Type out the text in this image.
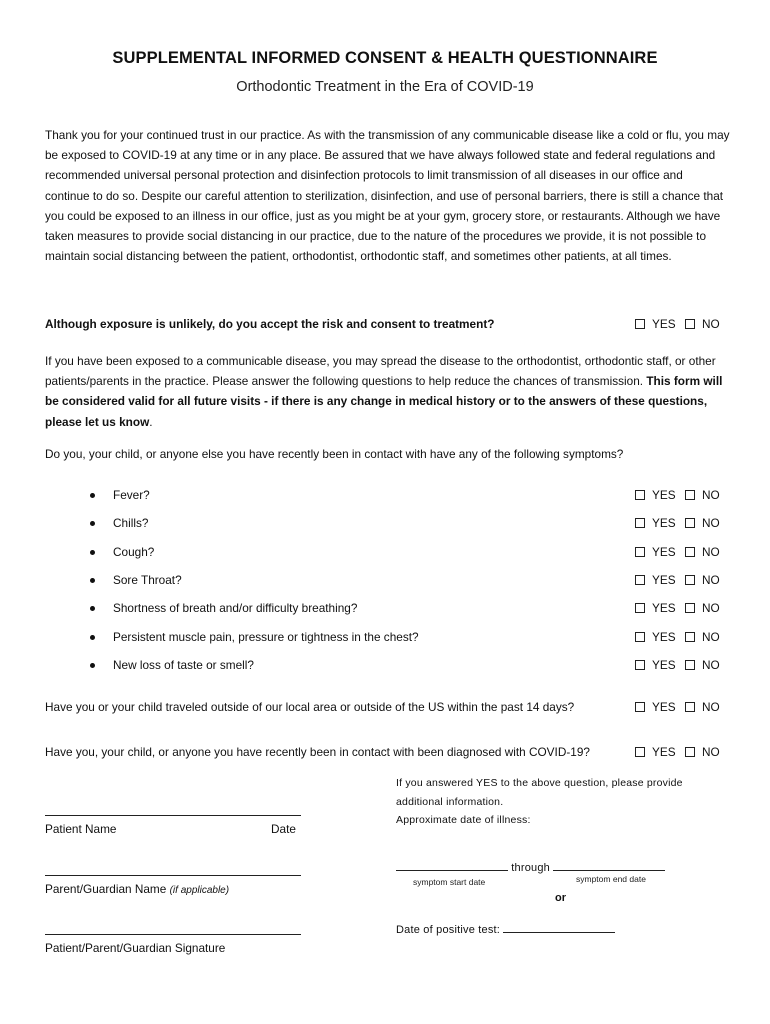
SUPPLEMENTAL INFORMED CONSENT & HEALTH QUESTIONNAIRE
Orthodontic Treatment in the Era of COVID-19
Thank you for your continued trust in our practice. As with the transmission of any communicable disease like a cold or flu, you may be exposed to COVID-19 at any time or in any place. Be assured that we have always followed state and federal regulations and recommended universal personal protection and disinfection protocols to limit transmission of all diseases in our office and continue to do so. Despite our careful attention to sterilization, disinfection, and use of personal barriers, there is still a chance that you could be exposed to an illness in our office, just as you might be at your gym, grocery store, or restaurants. Although we have taken measures to provide social distancing in our practice, due to the nature of the procedures we provide, it is not possible to maintain social distancing between the patient, orthodontist, orthodontic staff, and sometimes other patients, at all times.
Although exposure is unlikely, do you accept the risk and consent to treatment?	YES NO
If you have been exposed to a communicable disease, you may spread the disease to the orthodontist, orthodontic staff, or other patients/parents in the practice. Please answer the following questions to help reduce the chances of transmission. This form will be considered valid for all future visits - if there is any change in medical history or to the answers of these questions, please let us know.
Do you, your child, or anyone else you have recently been in contact with have any of the following symptoms?
Fever?	YES NO
Chills?	YES NO
Cough?	YES NO
Sore Throat?	YES NO
Shortness of breath and/or difficulty breathing?	YES NO
Persistent muscle pain, pressure or tightness in the chest?	YES NO
New loss of taste or smell?	YES NO
Have you or your child traveled outside of our local area or outside of the US within the past 14 days?	YES NO
Have you, your child, or anyone you have recently been in contact with been diagnosed with COVID-19?	YES NO
Patient Name	Date
Parent/Guardian Name (if applicable)
Patient/Parent/Guardian Signature
If you answered YES to the above question, please provide additional information.
Approximate date of illness:
through
symptom start date	symptom end date
or
Date of positive test:
